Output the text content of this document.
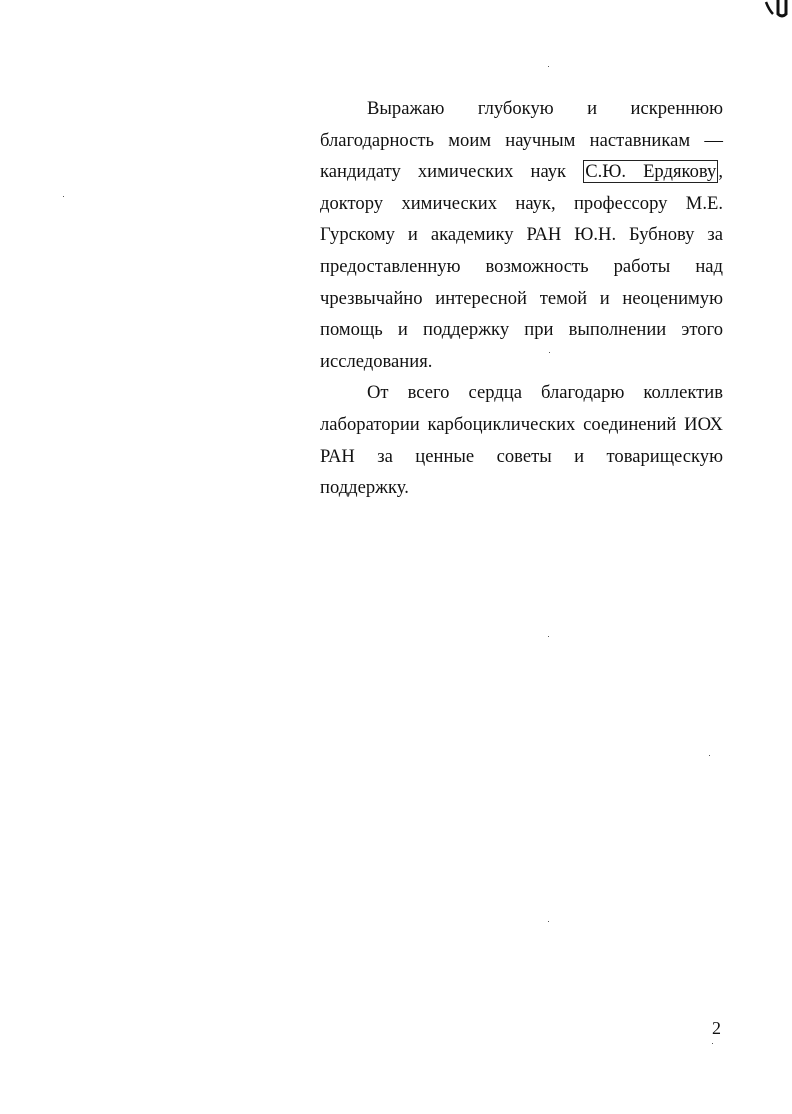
Выражаю глубокую и искреннюю благодарность моим научным наставникам — кандидату химических наук С.Ю. Ердякову , доктору химических наук, профессору М.Е. Гурскому и академику РАН Ю.Н. Бубнову за предоставленную возможность работы над чрезвычайно интересной темой и неоценимую помощь и поддержку при выполнении этого исследования.

От всего сердца благодарю коллектив лаборатории карбоциклических соединений ИОХ РАН за ценные советы и товарищескую поддержку.

2
